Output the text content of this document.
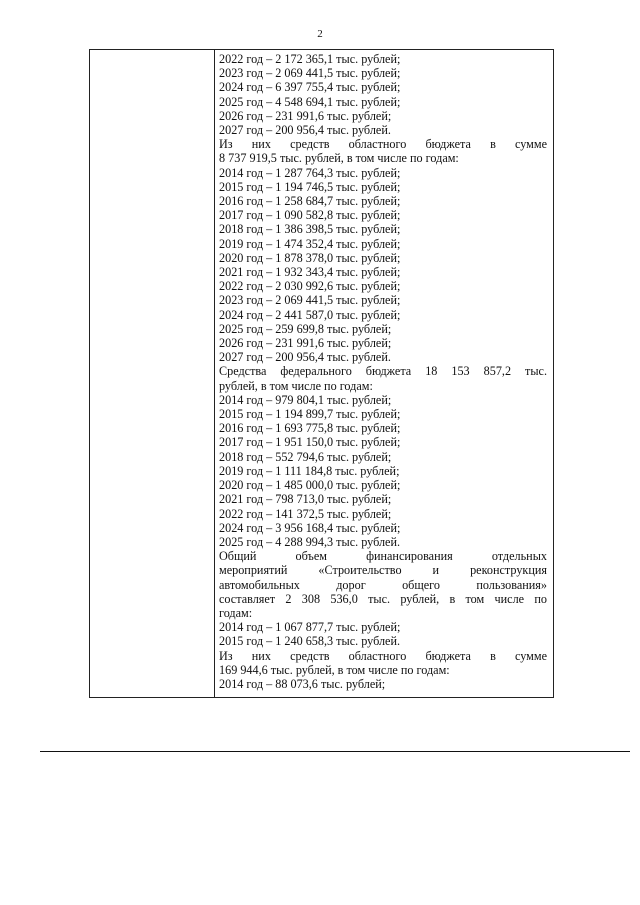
2
2022 год – 2 172 365,1 тыс. рублей;
2023 год – 2 069 441,5 тыс. рублей;
2024 год – 6 397 755,4 тыс. рублей;
2025 год – 4 548 694,1 тыс. рублей;
2026 год – 231 991,6 тыс. рублей;
2027 год – 200 956,4 тыс. рублей.
Из них средств областного бюджета в сумме
8 737 919,5 тыс. рублей, в том числе по годам:
2014 год – 1 287 764,3 тыс. рублей;
2015 год – 1 194 746,5 тыс. рублей;
2016 год – 1 258 684,7 тыс. рублей;
2017 год – 1 090 582,8 тыс. рублей;
2018 год – 1 386 398,5 тыс. рублей;
2019 год – 1 474 352,4 тыс. рублей;
2020 год – 1 878 378,0 тыс. рублей;
2021 год – 1 932 343,4 тыс. рублей;
2022 год – 2 030 992,6 тыс. рублей;
2023 год – 2 069 441,5 тыс. рублей;
2024 год – 2 441 587,0 тыс. рублей;
2025 год – 259 699,8 тыс. рублей;
2026 год – 231 991,6 тыс. рублей;
2027 год – 200 956,4 тыс. рублей.
Средства федерального бюджета 18 153 857,2 тыс.
рублей, в том числе по годам:
2014 год – 979 804,1 тыс. рублей;
2015 год – 1 194 899,7 тыс. рублей;
2016 год – 1 693 775,8 тыс. рублей;
2017 год – 1 951 150,0 тыс. рублей;
2018 год – 552 794,6 тыс. рублей;
2019 год – 1 111 184,8 тыс. рублей;
2020 год – 1 485 000,0 тыс. рублей;
2021 год – 798 713,0 тыс. рублей;
2022 год – 141 372,5 тыс. рублей;
2024 год – 3 956 168,4 тыс. рублей;
2025 год – 4 288 994,3 тыс. рублей.
Общий объем финансирования отдельных
мероприятий «Строительство и реконструкция
автомобильных дорог общего пользования»
составляет 2 308 536,0 тыс. рублей, в том числе по
годам:
2014 год – 1 067 877,7 тыс. рублей;
2015 год – 1 240 658,3 тыс. рублей.
Из них средств областного бюджета в сумме
169 944,6 тыс. рублей, в том числе по годам:
2014 год – 88 073,6 тыс. рублей;
